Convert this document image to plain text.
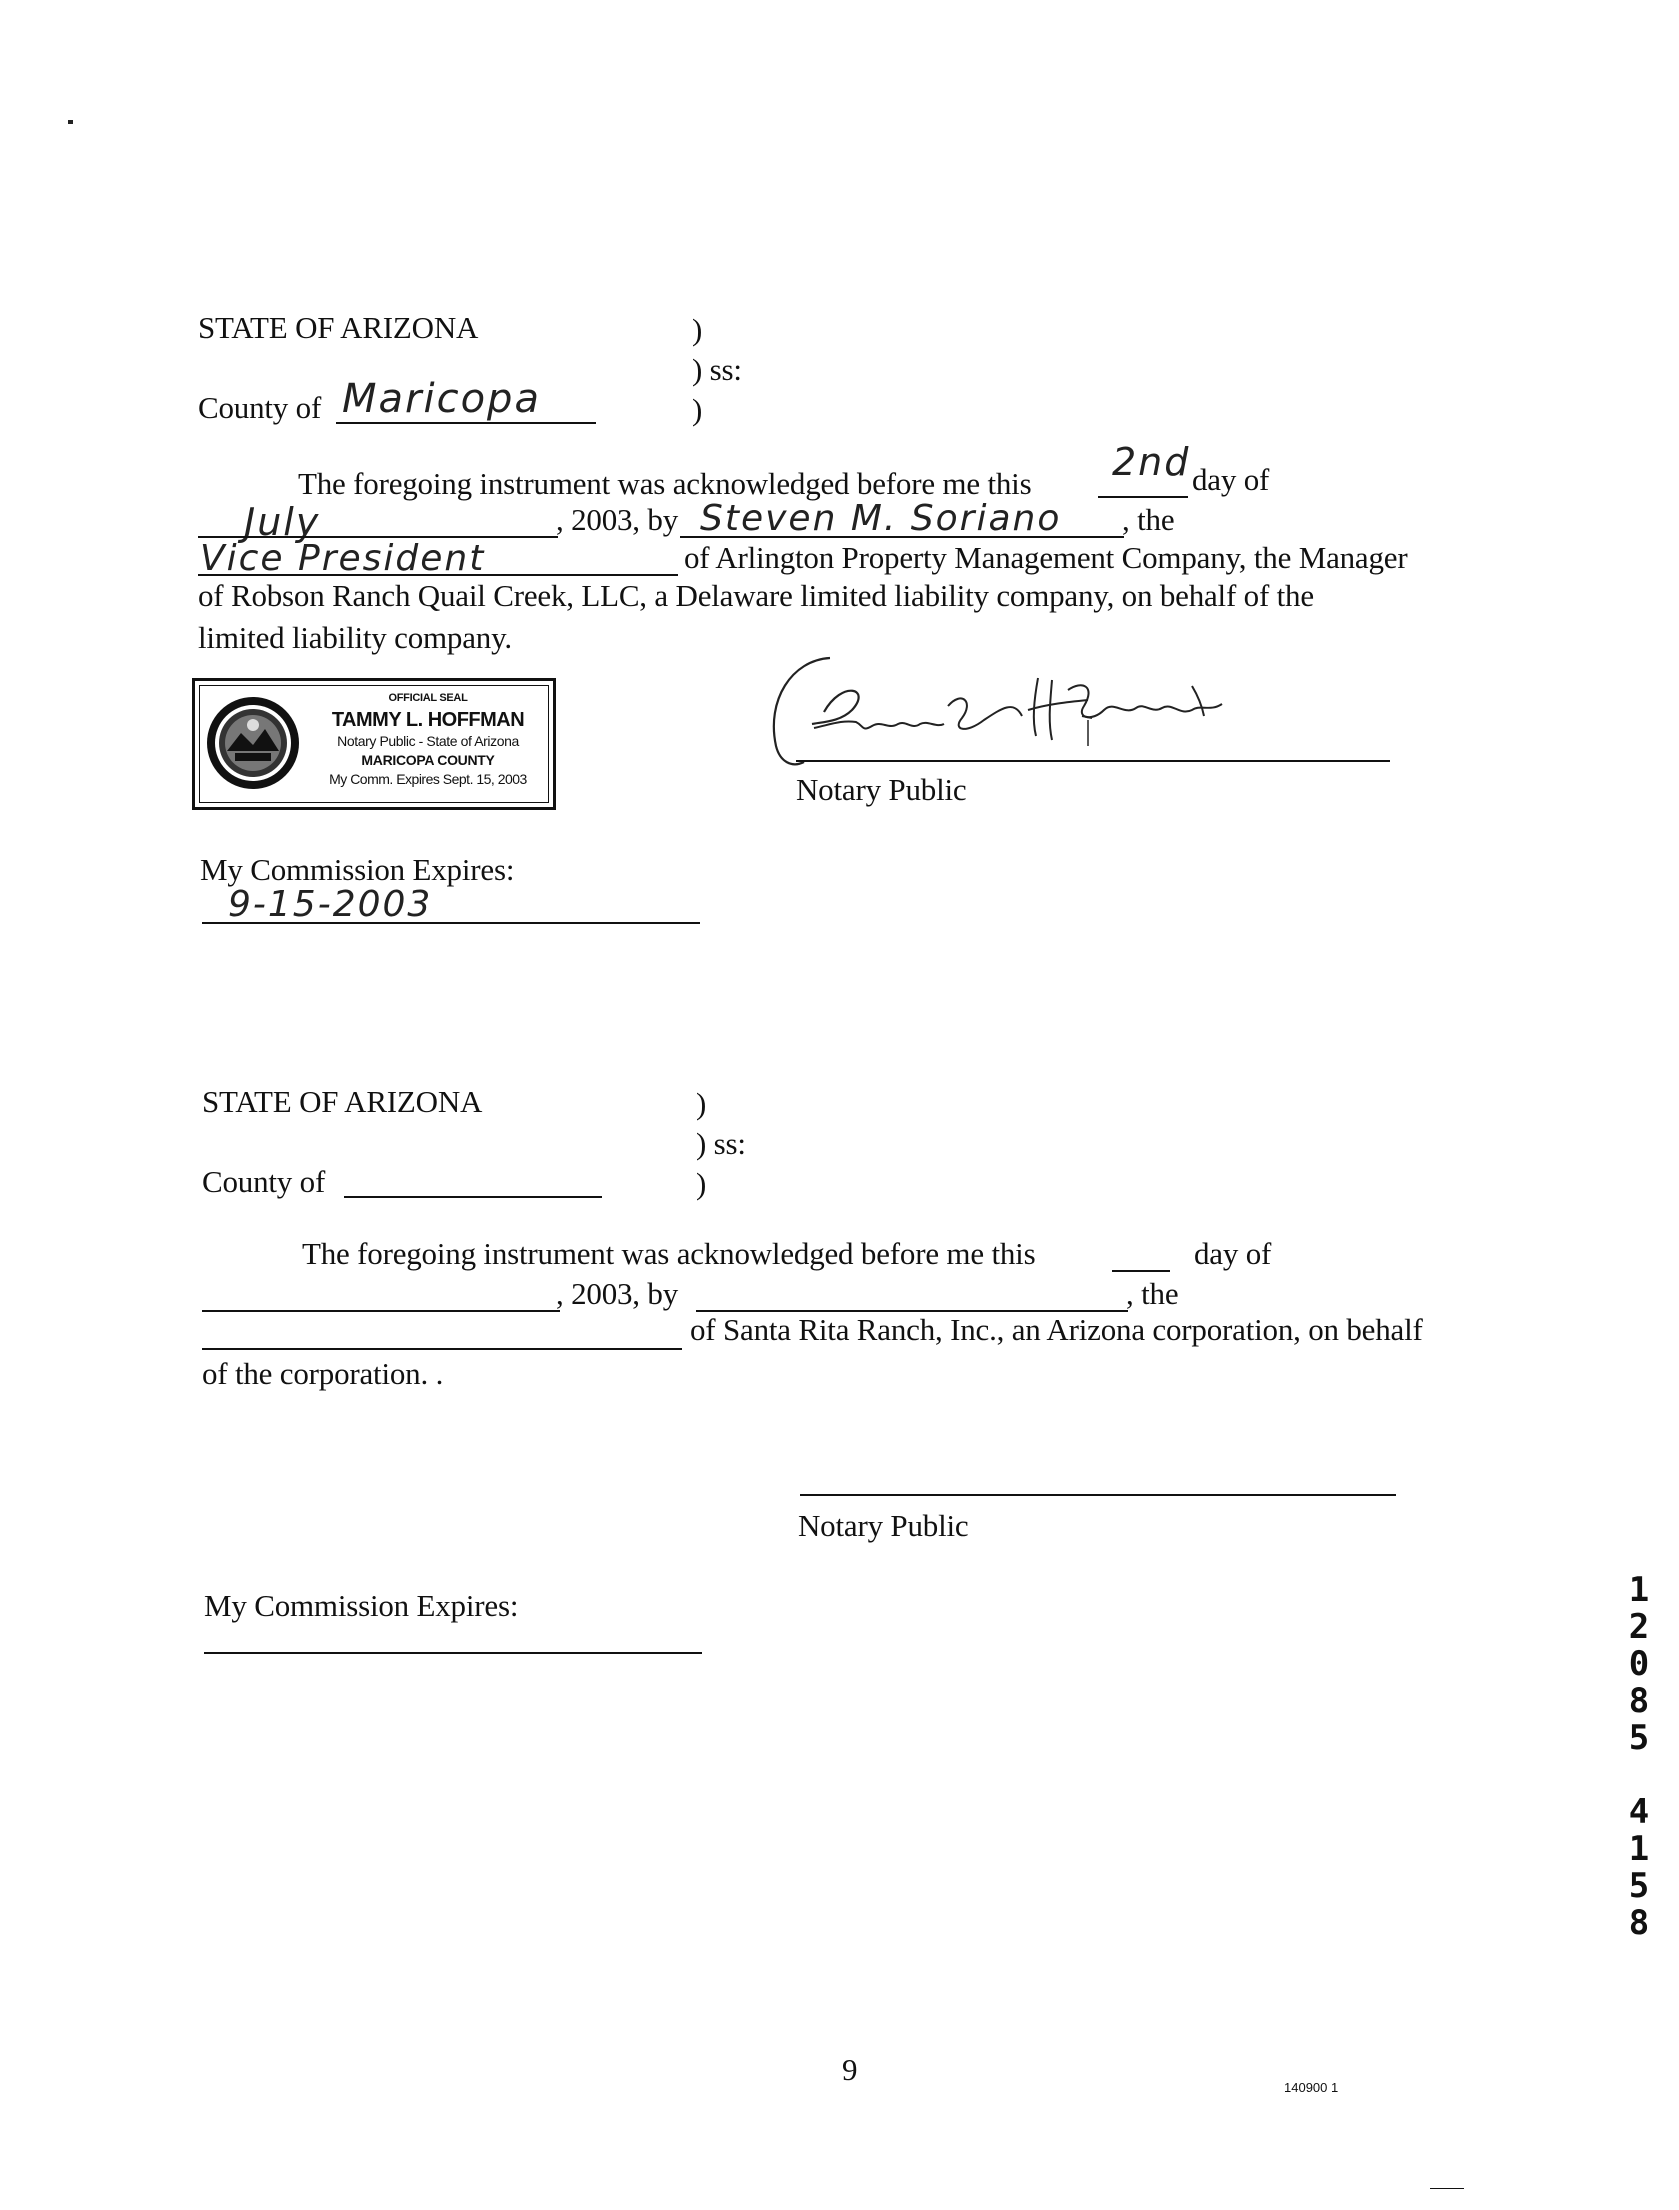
STATE OF ARIZONA	)
) ss:
)
County of Maricopa
The foregoing instrument was acknowledged before me this 2nd day of
July	, 2003, by Steven M. Soriano , the
Vice President	of Arlington Property Management Company, the Manager
of Robson Ranch Quail Creek, LLC, a Delaware limited liability company, on behalf of the
limited liability company.
OFFICIAL SEAL
TAMMY L. HOFFMAN
Notary Public - State of Arizona
MARICOPA COUNTY
My Comm. Expires Sept. 15, 2003	Notary Public
My Commission Expires:
9-15-2003
STATE OF ARIZONA	)
) ss:
)
County of
The foregoing instrument was acknowledged before me this	day of
, 2003, by	, the
of Santa Rita Ranch, Inc., an Arizona corporation, on behalf
of the corporation. .
Notary Public
My Commission Expires:	1
2
0
8
5
4
1
5
8
9
140900 1
